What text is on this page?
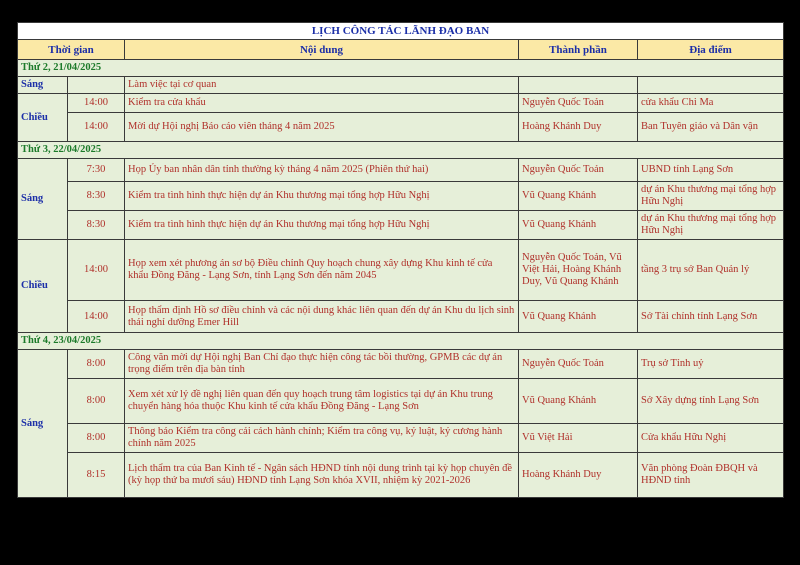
LỊCH CÔNG TÁC LÃNH ĐẠO BAN				
Thời gian		Nội dung	Thành phần	Địa điểm
Thứ 2, 21/04/2025				
Sáng		Làm việc tại cơ quan		
Chiều	14:00	Kiểm tra cửa khẩu	Nguyễn Quốc Toản	cửa khẩu Chi Ma
	14:00	Mời dự Hội nghị Báo cáo viên tháng 4 năm 2025	Hoàng Khánh Duy	Ban Tuyên giáo và Dân vận
Thứ 3, 22/04/2025				
Sáng	7:30	Họp Ủy ban nhân dân tỉnh thường kỳ tháng 4 năm 2025 (Phiên thứ hai)	Nguyễn Quốc Toản	UBND tỉnh Lạng Sơn
	8:30	Kiểm tra tình hình thực hiện dự án Khu thương mại tổng hợp Hữu Nghị	Vũ Quang Khánh	dự án Khu thương mại tổng hợp Hữu Nghị
	8:30	Kiểm tra tình hình thực hiện dự án Khu thương mại tổng hợp Hữu Nghị	Vũ Quang Khánh	dự án Khu thương mại tổng hợp Hữu Nghị
Chiều	14:00	Họp xem xét phương án sơ bộ Điều chỉnh Quy hoạch chung xây dựng Khu kinh tế cửa khẩu Đồng Đăng - Lạng Sơn, tỉnh Lạng Sơn đến năm 2045	Nguyễn Quốc Toản, Vũ Việt Hải, Hoàng Khánh Duy, Vũ Quang Khánh	tầng 3 trụ sở Ban Quản lý
	14:00	Họp thẩm định Hồ sơ điều chỉnh và các nội dung khác liên quan đến dự án Khu du lịch sinh thái nghỉ dưỡng Emer Hill	Vũ Quang Khánh	Sở Tài chính tỉnh Lạng Sơn
Thứ 4, 23/04/2025				
Sáng	8:00	Công văn mời dự Hội nghị Ban Chỉ đạo thực hiện công tác bồi thường, GPMB các dự án trọng điểm trên địa bàn tỉnh	Nguyễn Quốc Toản	Trụ sở Tỉnh uỷ
	8:00	Xem xét xử lý đề nghị liên quan đến quy hoạch trung tâm logistics tại dự án Khu trung chuyển hàng hóa thuộc Khu kinh tế cửa khẩu Đồng Đăng - Lạng Sơn	Vũ Quang Khánh	Sở Xây dựng tỉnh Lạng Sơn
	8:00	Thông báo Kiểm tra công cải cách hành chính; Kiểm tra công vụ, kỷ luật, kỷ cương hành chính năm 2025	Vũ Việt Hải	Cửa khẩu Hữu Nghị
	8:15	Lịch thẩm tra của Ban Kinh tế - Ngân sách HĐND tỉnh nội dung trình tại kỳ họp chuyên đề (kỳ họp thứ ba mươi sáu) HĐND tỉnh Lạng Sơn khóa XVII, nhiệm kỳ 2021-2026	Hoàng Khánh Duy	Văn phòng Đoàn ĐBQH và HĐND tỉnh
